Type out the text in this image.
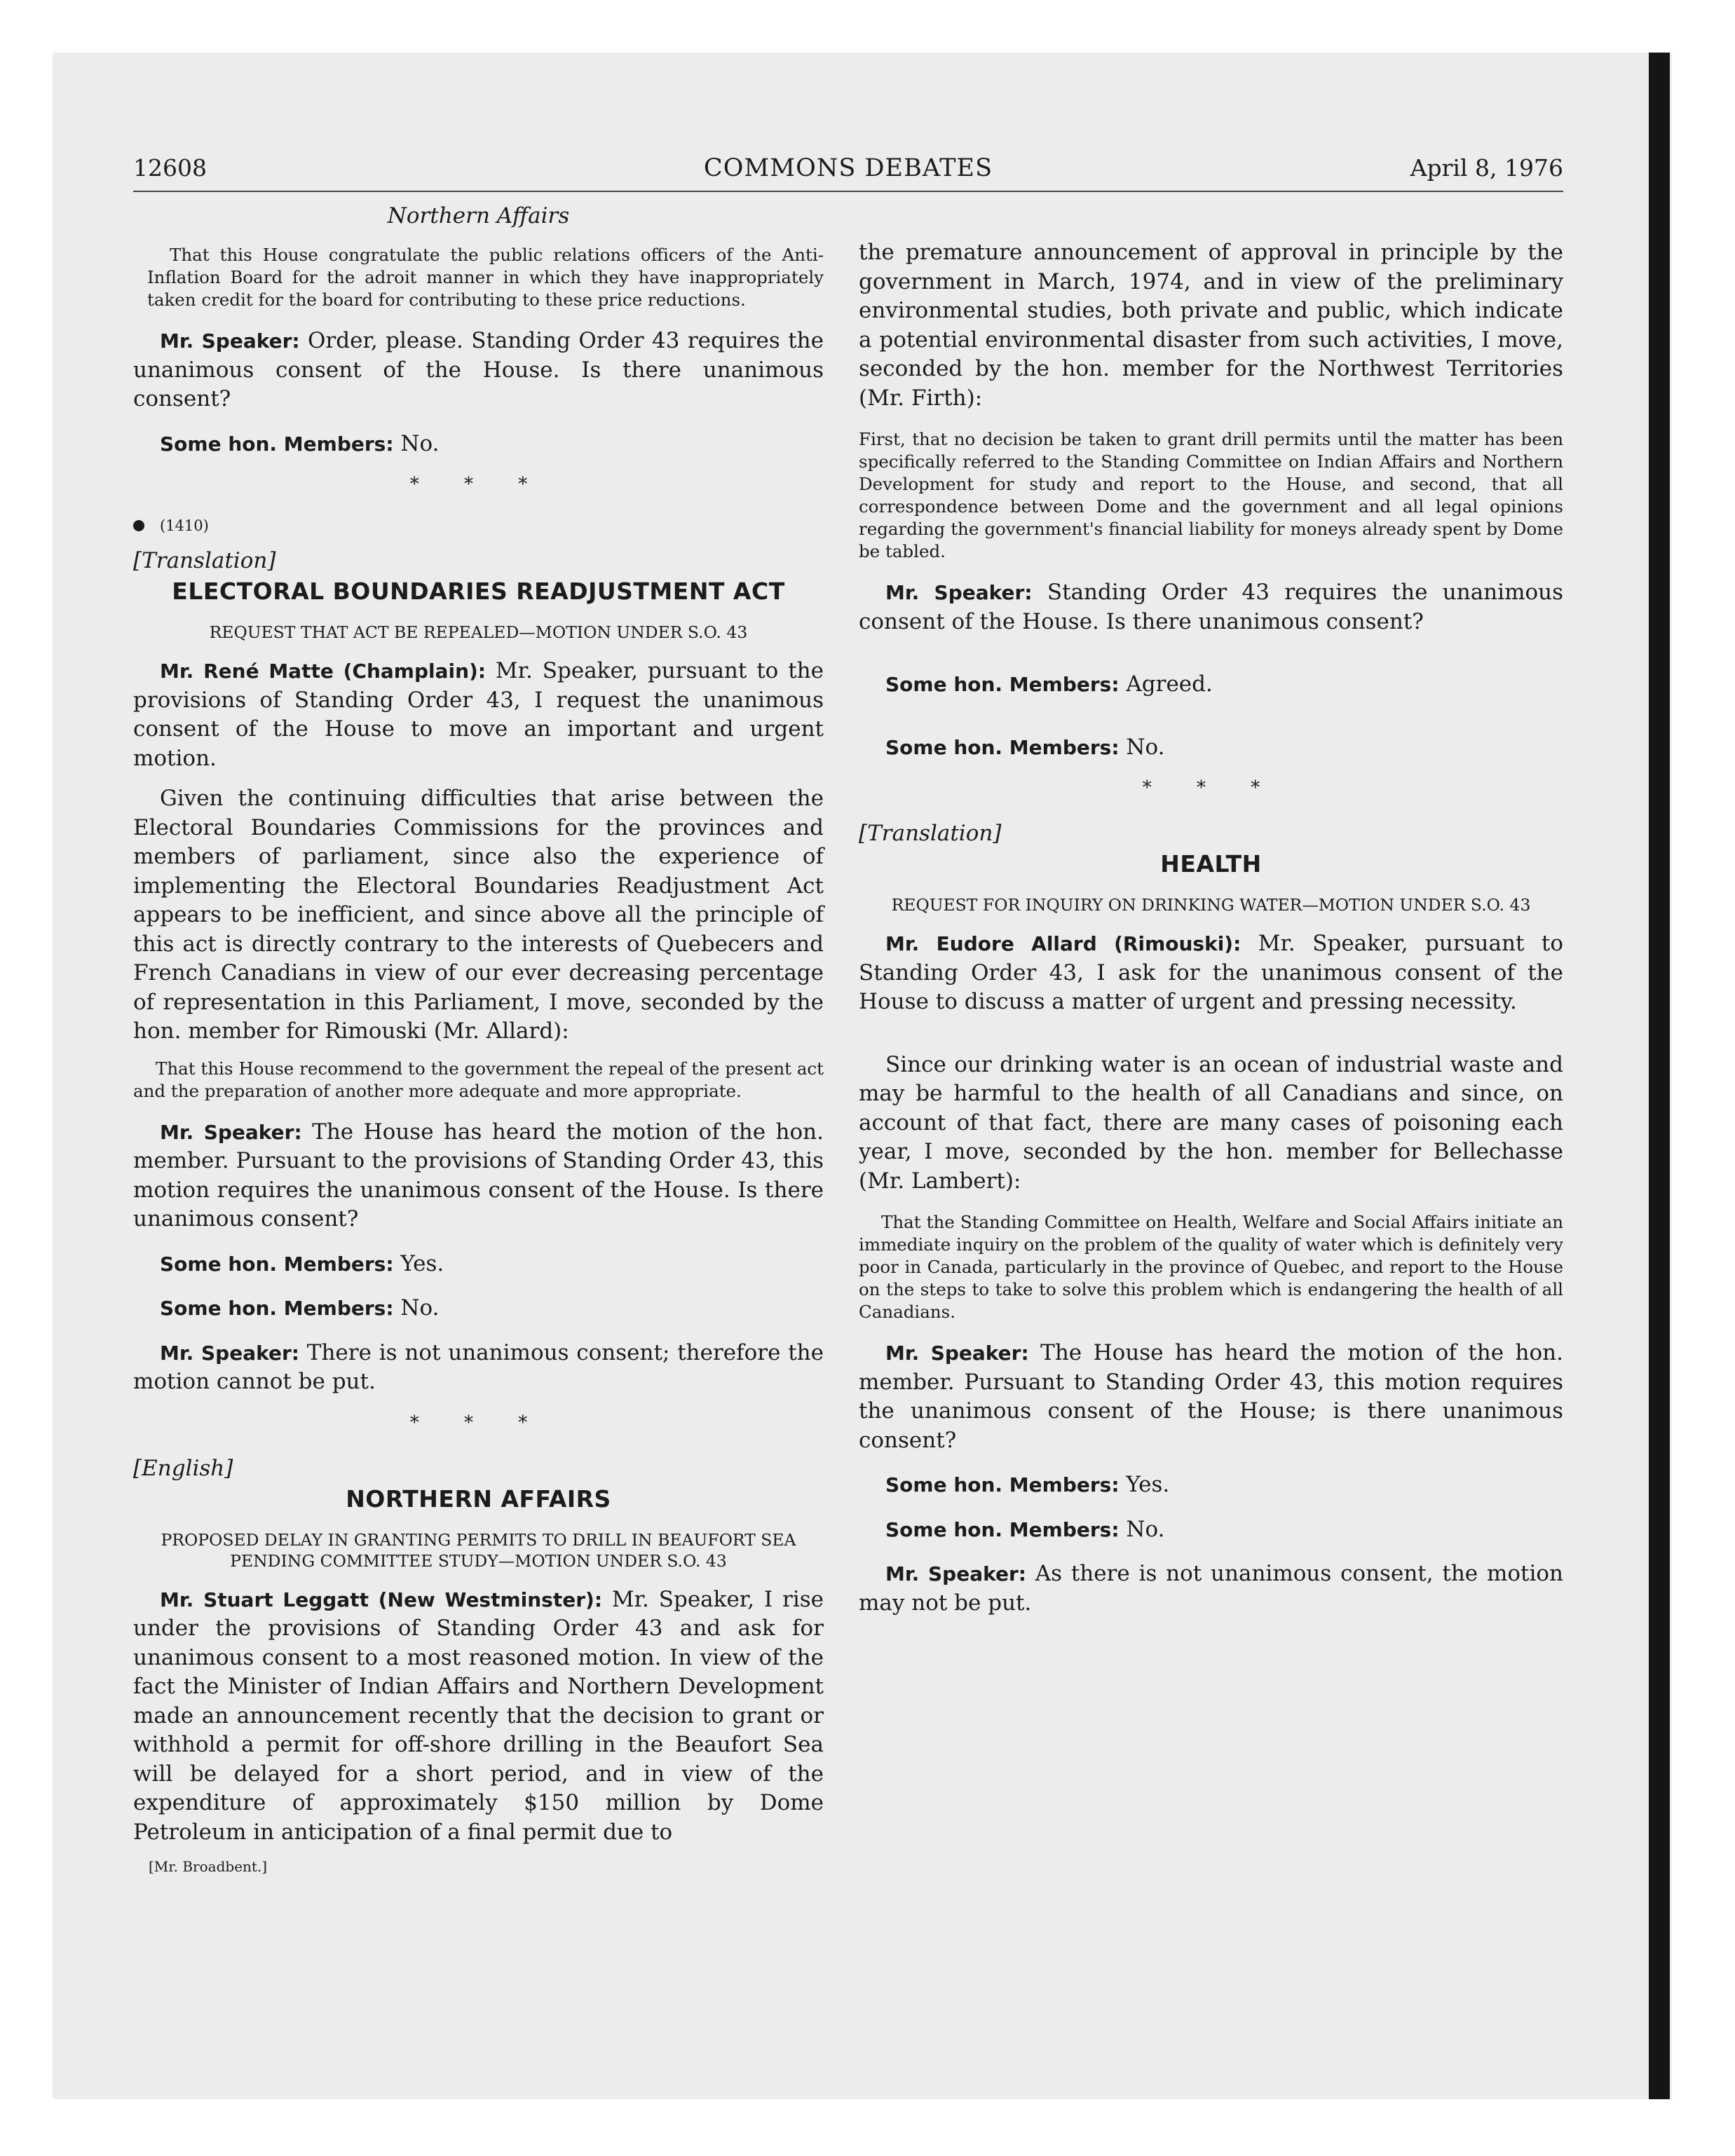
12608	COMMONS DEBATES	April 8, 1976
Northern Affairs

That this House congratulate the public relations officers of the Anti-Inflation Board for the adroit manner in which they have inappropriately taken credit for the board for contributing to these price reductions.

Mr. Speaker: Order, please. Standing Order 43 requires the unanimous consent of the House. Is there unanimous consent?

Some hon. Members: No.

* * *
(1410)
[Translation]
ELECTORAL BOUNDARIES READJUSTMENT ACT
REQUEST THAT ACT BE REPEALED—MOTION UNDER S.O. 43

Mr. René Matte (Champlain): Mr. Speaker, pursuant to the provisions of Standing Order 43, I request the unanimous consent of the House to move an important and urgent motion.

Given the continuing difficulties that arise between the Electoral Boundaries Commissions for the provinces and members of parliament, since also the experience of implementing the Electoral Boundaries Readjustment Act appears to be inefficient, and since above all the principle of this act is directly contrary to the interests of Quebecers and French Canadians in view of our ever decreasing percentage of representation in this Parliament, I move, seconded by the hon. member for Rimouski (Mr. Allard):

That this House recommend to the government the repeal of the present act and the preparation of another more adequate and more appropriate.

Mr. Speaker: The House has heard the motion of the hon. member. Pursuant to the provisions of Standing Order 43, this motion requires the unanimous consent of the House. Is there unanimous consent?

Some hon. Members: Yes.

Some hon. Members: No.

Mr. Speaker: There is not unanimous consent; therefore the motion cannot be put.

* * *
[English]
NORTHERN AFFAIRS
PROPOSED DELAY IN GRANTING PERMITS TO DRILL IN BEAUFORT SEA PENDING COMMITTEE STUDY—MOTION UNDER S.O. 43

Mr. Stuart Leggatt (New Westminster): Mr. Speaker, I rise under the provisions of Standing Order 43 and ask for unanimous consent to a most reasoned motion. In view of the fact the Minister of Indian Affairs and Northern Development made an announcement recently that the decision to grant or withhold a permit for off-shore drilling in the Beaufort Sea will be delayed for a short period, and in view of the expenditure of approximately $150 million by Dome Petroleum in anticipation of a final permit due to

[Mr. Broadbent.]

the premature announcement of approval in principle by the government in March, 1974, and in view of the preliminary environmental studies, both private and public, which indicate a potential environmental disaster from such activities, I move, seconded by the hon. member for the Northwest Territories (Mr. Firth):

First, that no decision be taken to grant drill permits until the matter has been specifically referred to the Standing Committee on Indian Affairs and Northern Development for study and report to the House, and second, that all correspondence between Dome and the government and all legal opinions regarding the government's financial liability for moneys already spent by Dome be tabled.

Mr. Speaker: Standing Order 43 requires the unanimous consent of the House. Is there unanimous consent?

Some hon. Members: Agreed.

Some hon. Members: No.

* * *
[Translation]
HEALTH
REQUEST FOR INQUIRY ON DRINKING WATER—MOTION UNDER S.O. 43

Mr. Eudore Allard (Rimouski): Mr. Speaker, pursuant to Standing Order 43, I ask for the unanimous consent of the House to discuss a matter of urgent and pressing necessity.

Since our drinking water is an ocean of industrial waste and may be harmful to the health of all Canadians and since, on account of that fact, there are many cases of poisoning each year, I move, seconded by the hon. member for Bellechasse (Mr. Lambert):

That the Standing Committee on Health, Welfare and Social Affairs initiate an immediate inquiry on the problem of the quality of water which is definitely very poor in Canada, particularly in the province of Quebec, and report to the House on the steps to take to solve this problem which is endangering the health of all Canadians.

Mr. Speaker: The House has heard the motion of the hon. member. Pursuant to Standing Order 43, this motion requires the unanimous consent of the House; is there unanimous consent?

Some hon. Members: Yes.

Some hon. Members: No.

Mr. Speaker: As there is not unanimous consent, the motion may not be put.
